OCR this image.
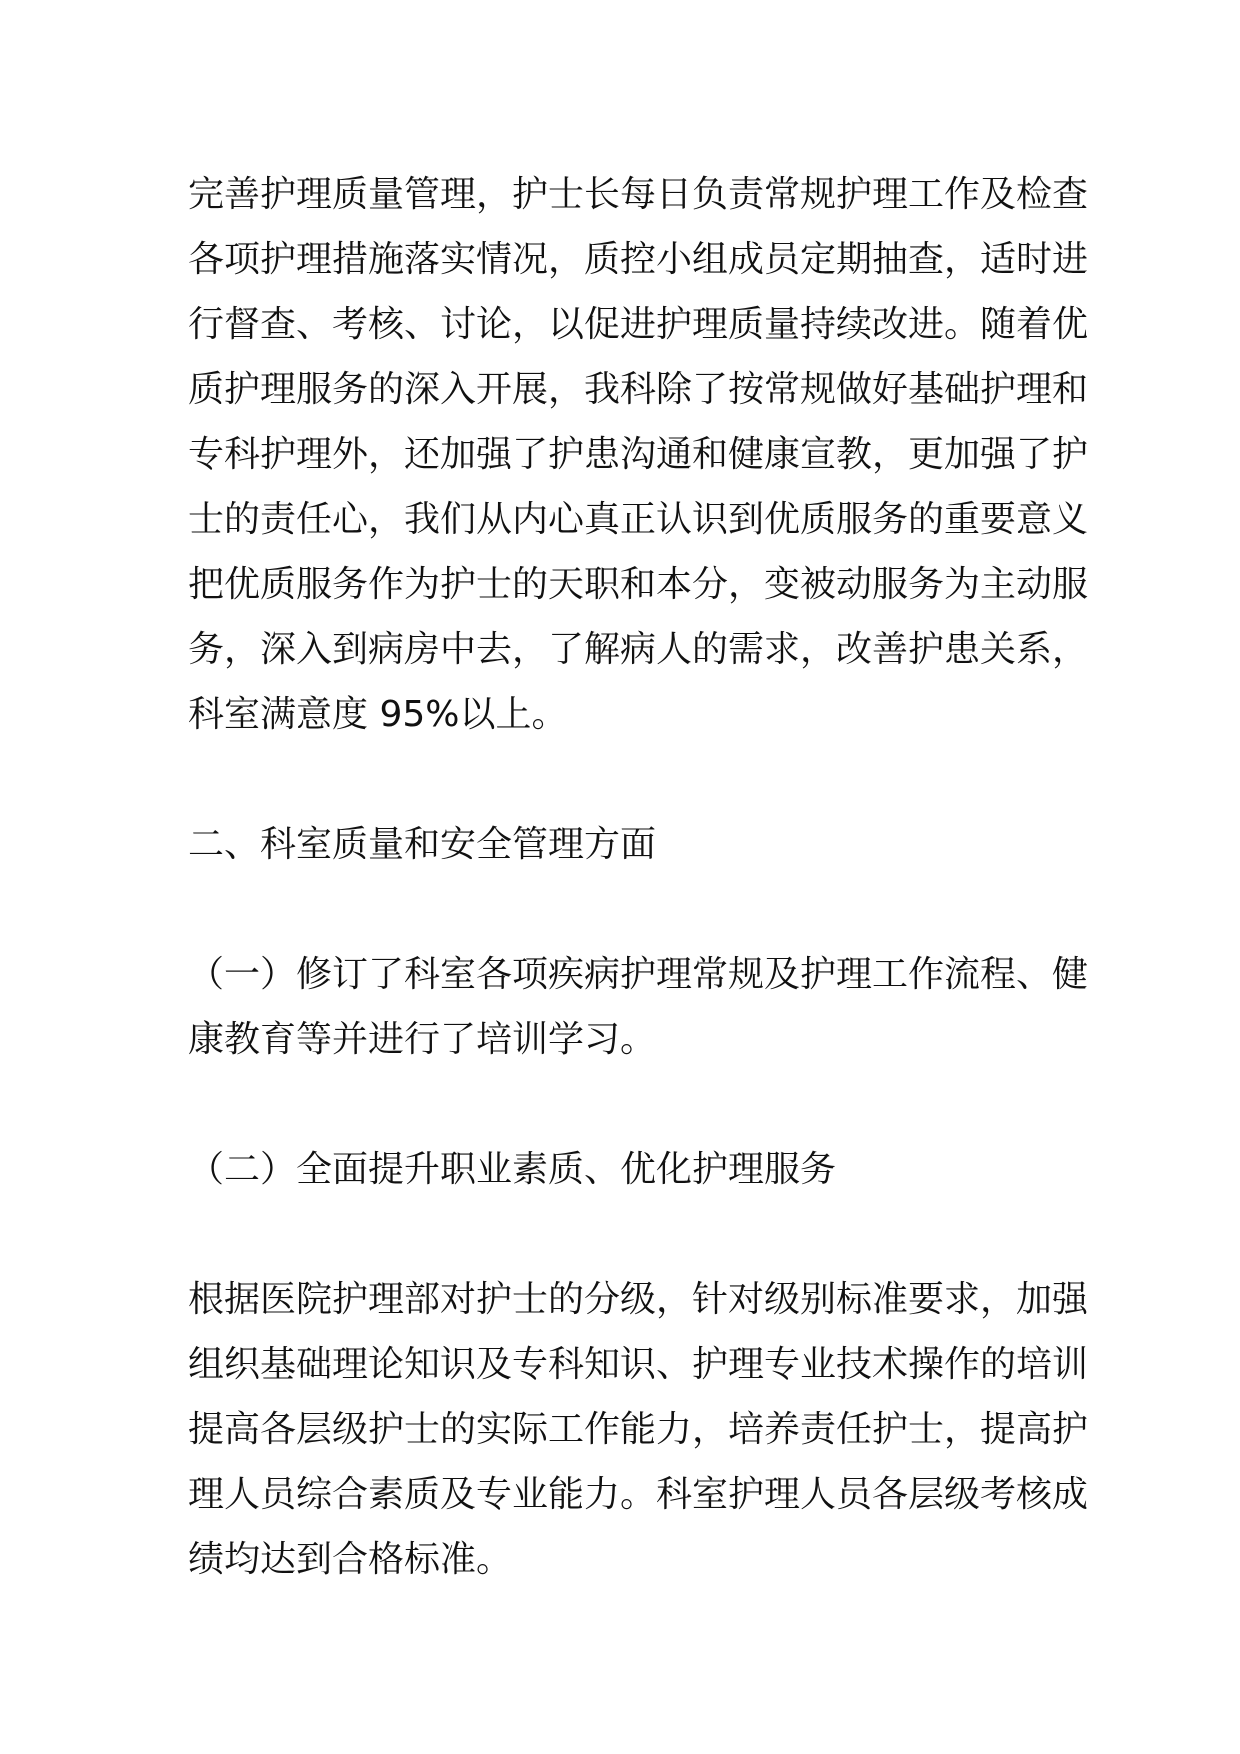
完善护理质量管理，护士长每日负责常规护理工作及检查
各项护理措施落实情况，质控小组成员定期抽查，适时进
行督查、考核、讨论，以促进护理质量持续改进。随着优
质护理服务的深入开展，我科除了按常规做好基础护理和
专科护理外，还加强了护患沟通和健康宣教，更加强了护
士的责任心，我们从内心真正认识到优质服务的重要意义
把优质服务作为护士的天职和本分，变被动服务为主动服
务，深入到病房中去，了解病人的需求，改善护患关系，
科室满意度 95%以上。
二、科室质量和安全管理方面
（一）修订了科室各项疾病护理常规及护理工作流程、健
康教育等并进行了培训学习。
（二）全面提升职业素质、优化护理服务
根据医院护理部对护士的分级，针对级别标准要求，加强
组织基础理论知识及专科知识、护理专业技术操作的培训
提高各层级护士的实际工作能力，培养责任护士，提高护
理人员综合素质及专业能力。科室护理人员各层级考核成
绩均达到合格标准。
